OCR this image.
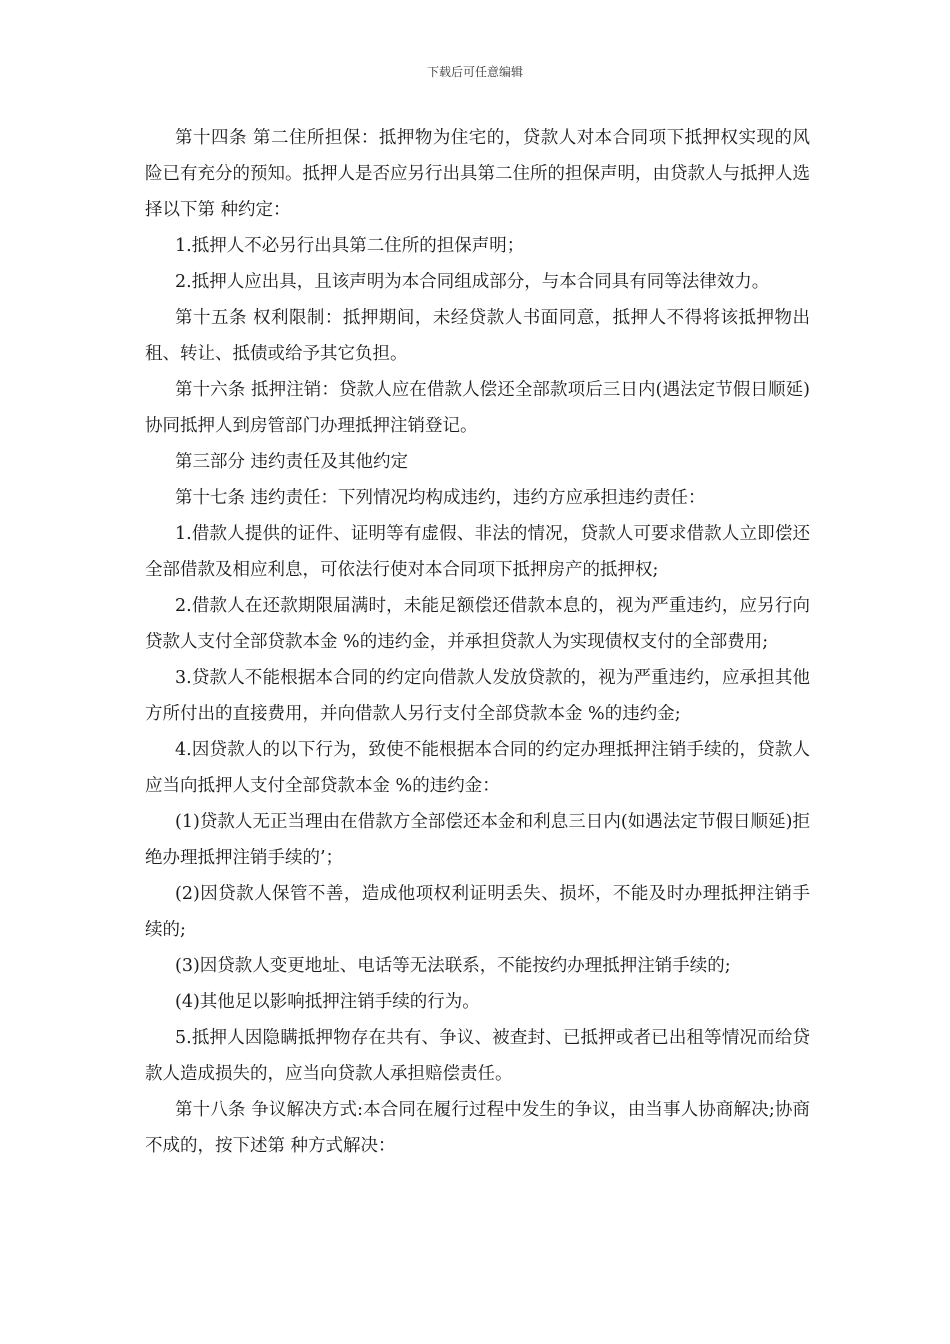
下载后可任意编辑

第十四条 第二住所担保：抵押物为住宅的，贷款人对本合同项下抵押权实现的风险已有充分的预知。抵押人是否应另行出具第二住所的担保声明，由贷款人与抵押人选择以下第 种约定：

1.抵押人不必另行出具第二住所的担保声明；

2.抵押人应出具，且该声明为本合同组成部分，与本合同具有同等法律效力。

第十五条 权利限制：抵押期间，未经贷款人书面同意，抵押人不得将该抵押物出租、转让、抵债或给予其它负担。

第十六条 抵押注销：贷款人应在借款人偿还全部款项后三日内(遇法定节假日顺延)协同抵押人到房管部门办理抵押注销登记。

第三部分 违约责任及其他约定

第十七条 违约责任：下列情况均构成违约，违约方应承担违约责任：

1.借款人提供的证件、证明等有虚假、非法的情况，贷款人可要求借款人立即偿还全部借款及相应利息，可依法行使对本合同项下抵押房产的抵押权;

2.借款人在还款期限届满时，未能足额偿还借款本息的，视为严重违约，应另行向贷款人支付全部贷款本金 %的违约金，并承担贷款人为实现债权支付的全部费用;

3.贷款人不能根据本合同的约定向借款人发放贷款的，视为严重违约，应承担其他方所付出的直接费用，并向借款人另行支付全部贷款本金 %的违约金;

4.因贷款人的以下行为，致使不能根据本合同的约定办理抵押注销手续的，贷款人应当向抵押人支付全部贷款本金 %的违约金：

(1)贷款人无正当理由在借款方全部偿还本金和利息三日内(如遇法定节假日顺延)拒绝办理抵押注销手续的’；

(2)因贷款人保管不善，造成他项权利证明丢失、损坏，不能及时办理抵押注销手续的;

(3)因贷款人变更地址、电话等无法联系，不能按约办理抵押注销手续的;

(4)其他足以影响抵押注销手续的行为。

5.抵押人因隐瞒抵押物存在共有、争议、被查封、已抵押或者已出租等情况而给贷款人造成损失的，应当向贷款人承担赔偿责任。

第十八条 争议解决方式:本合同在履行过程中发生的争议，由当事人协商解决;协商不成的，按下述第 种方式解决：
